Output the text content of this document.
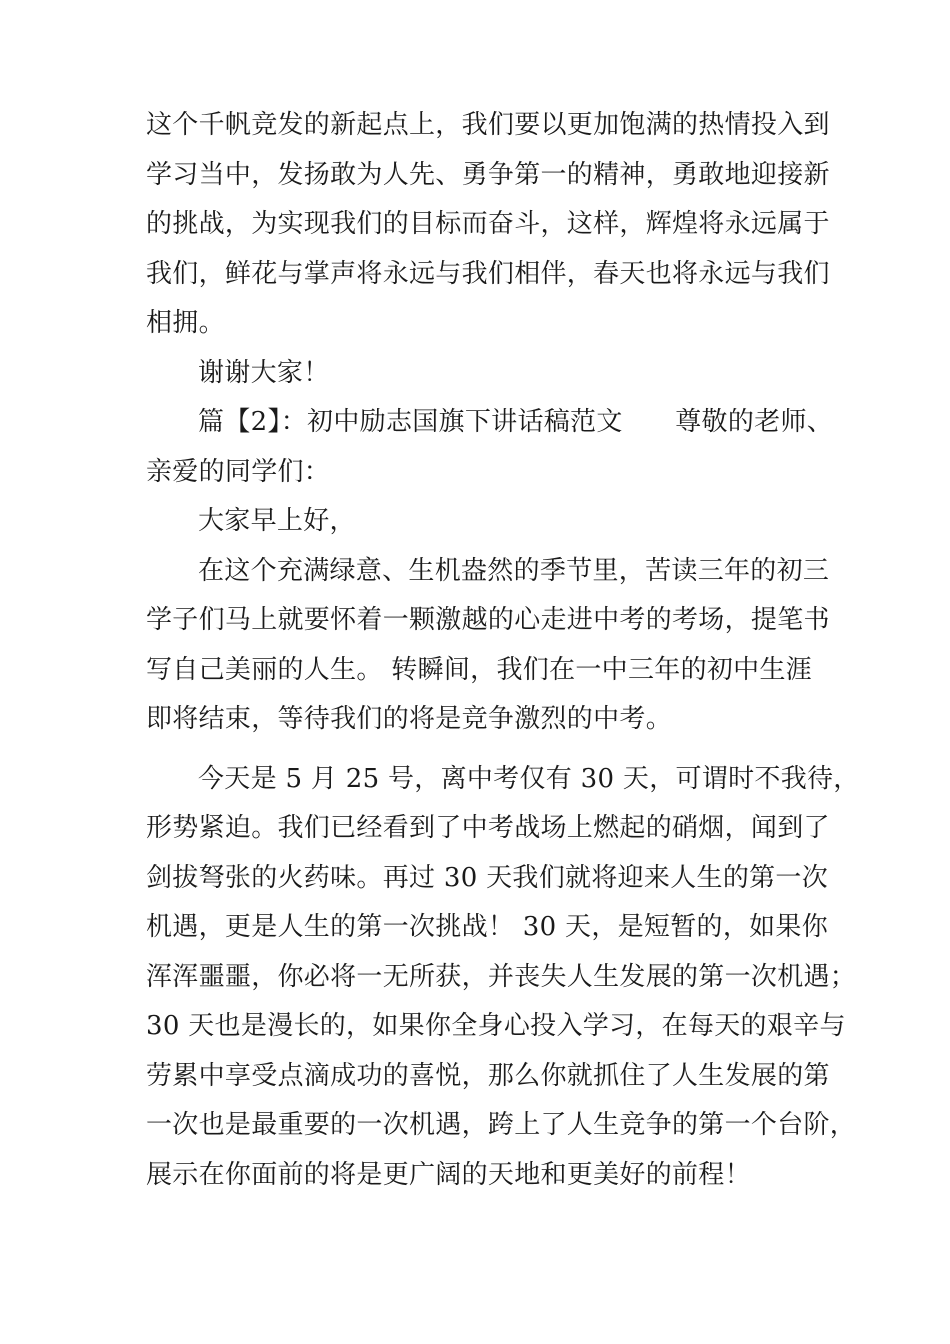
这个千帆竞发的新起点上，我们要以更加饱满的热情投入到
学习当中，发扬敢为人先、勇争第一的精神，勇敢地迎接新
的挑战，为实现我们的目标而奋斗，这样，辉煌将永远属于
我们，鲜花与掌声将永远与我们相伴，春天也将永远与我们
相拥。
谢谢大家！
篇【2】：初中励志国旗下讲话稿范文　　尊敬的老师、
亲爱的同学们：
大家早上好，
在这个充满绿意、生机盎然的季节里，苦读三年的初三
学子们马上就要怀着一颗激越的心走进中考的考场，提笔书
写自己美丽的人生。 转瞬间，我们在一中三年的初中生涯
即将结束，等待我们的将是竞争激烈的中考。
今天是 5 月 25 号，离中考仅有 30 天，可谓时不我待，
形势紧迫。我们已经看到了中考战场上燃起的硝烟，闻到了
剑拔弩张的火药味。再过 30 天我们就将迎来人生的第一次
机遇，更是人生的第一次挑战！ 30 天，是短暂的，如果你
浑浑噩噩，你必将一无所获，并丧失人生发展的第一次机遇；
30 天也是漫长的，如果你全身心投入学习，在每天的艰辛与
劳累中享受点滴成功的喜悦，那么你就抓住了人生发展的第
一次也是最重要的一次机遇，跨上了人生竞争的第一个台阶，
展示在你面前的将是更广阔的天地和更美好的前程！
